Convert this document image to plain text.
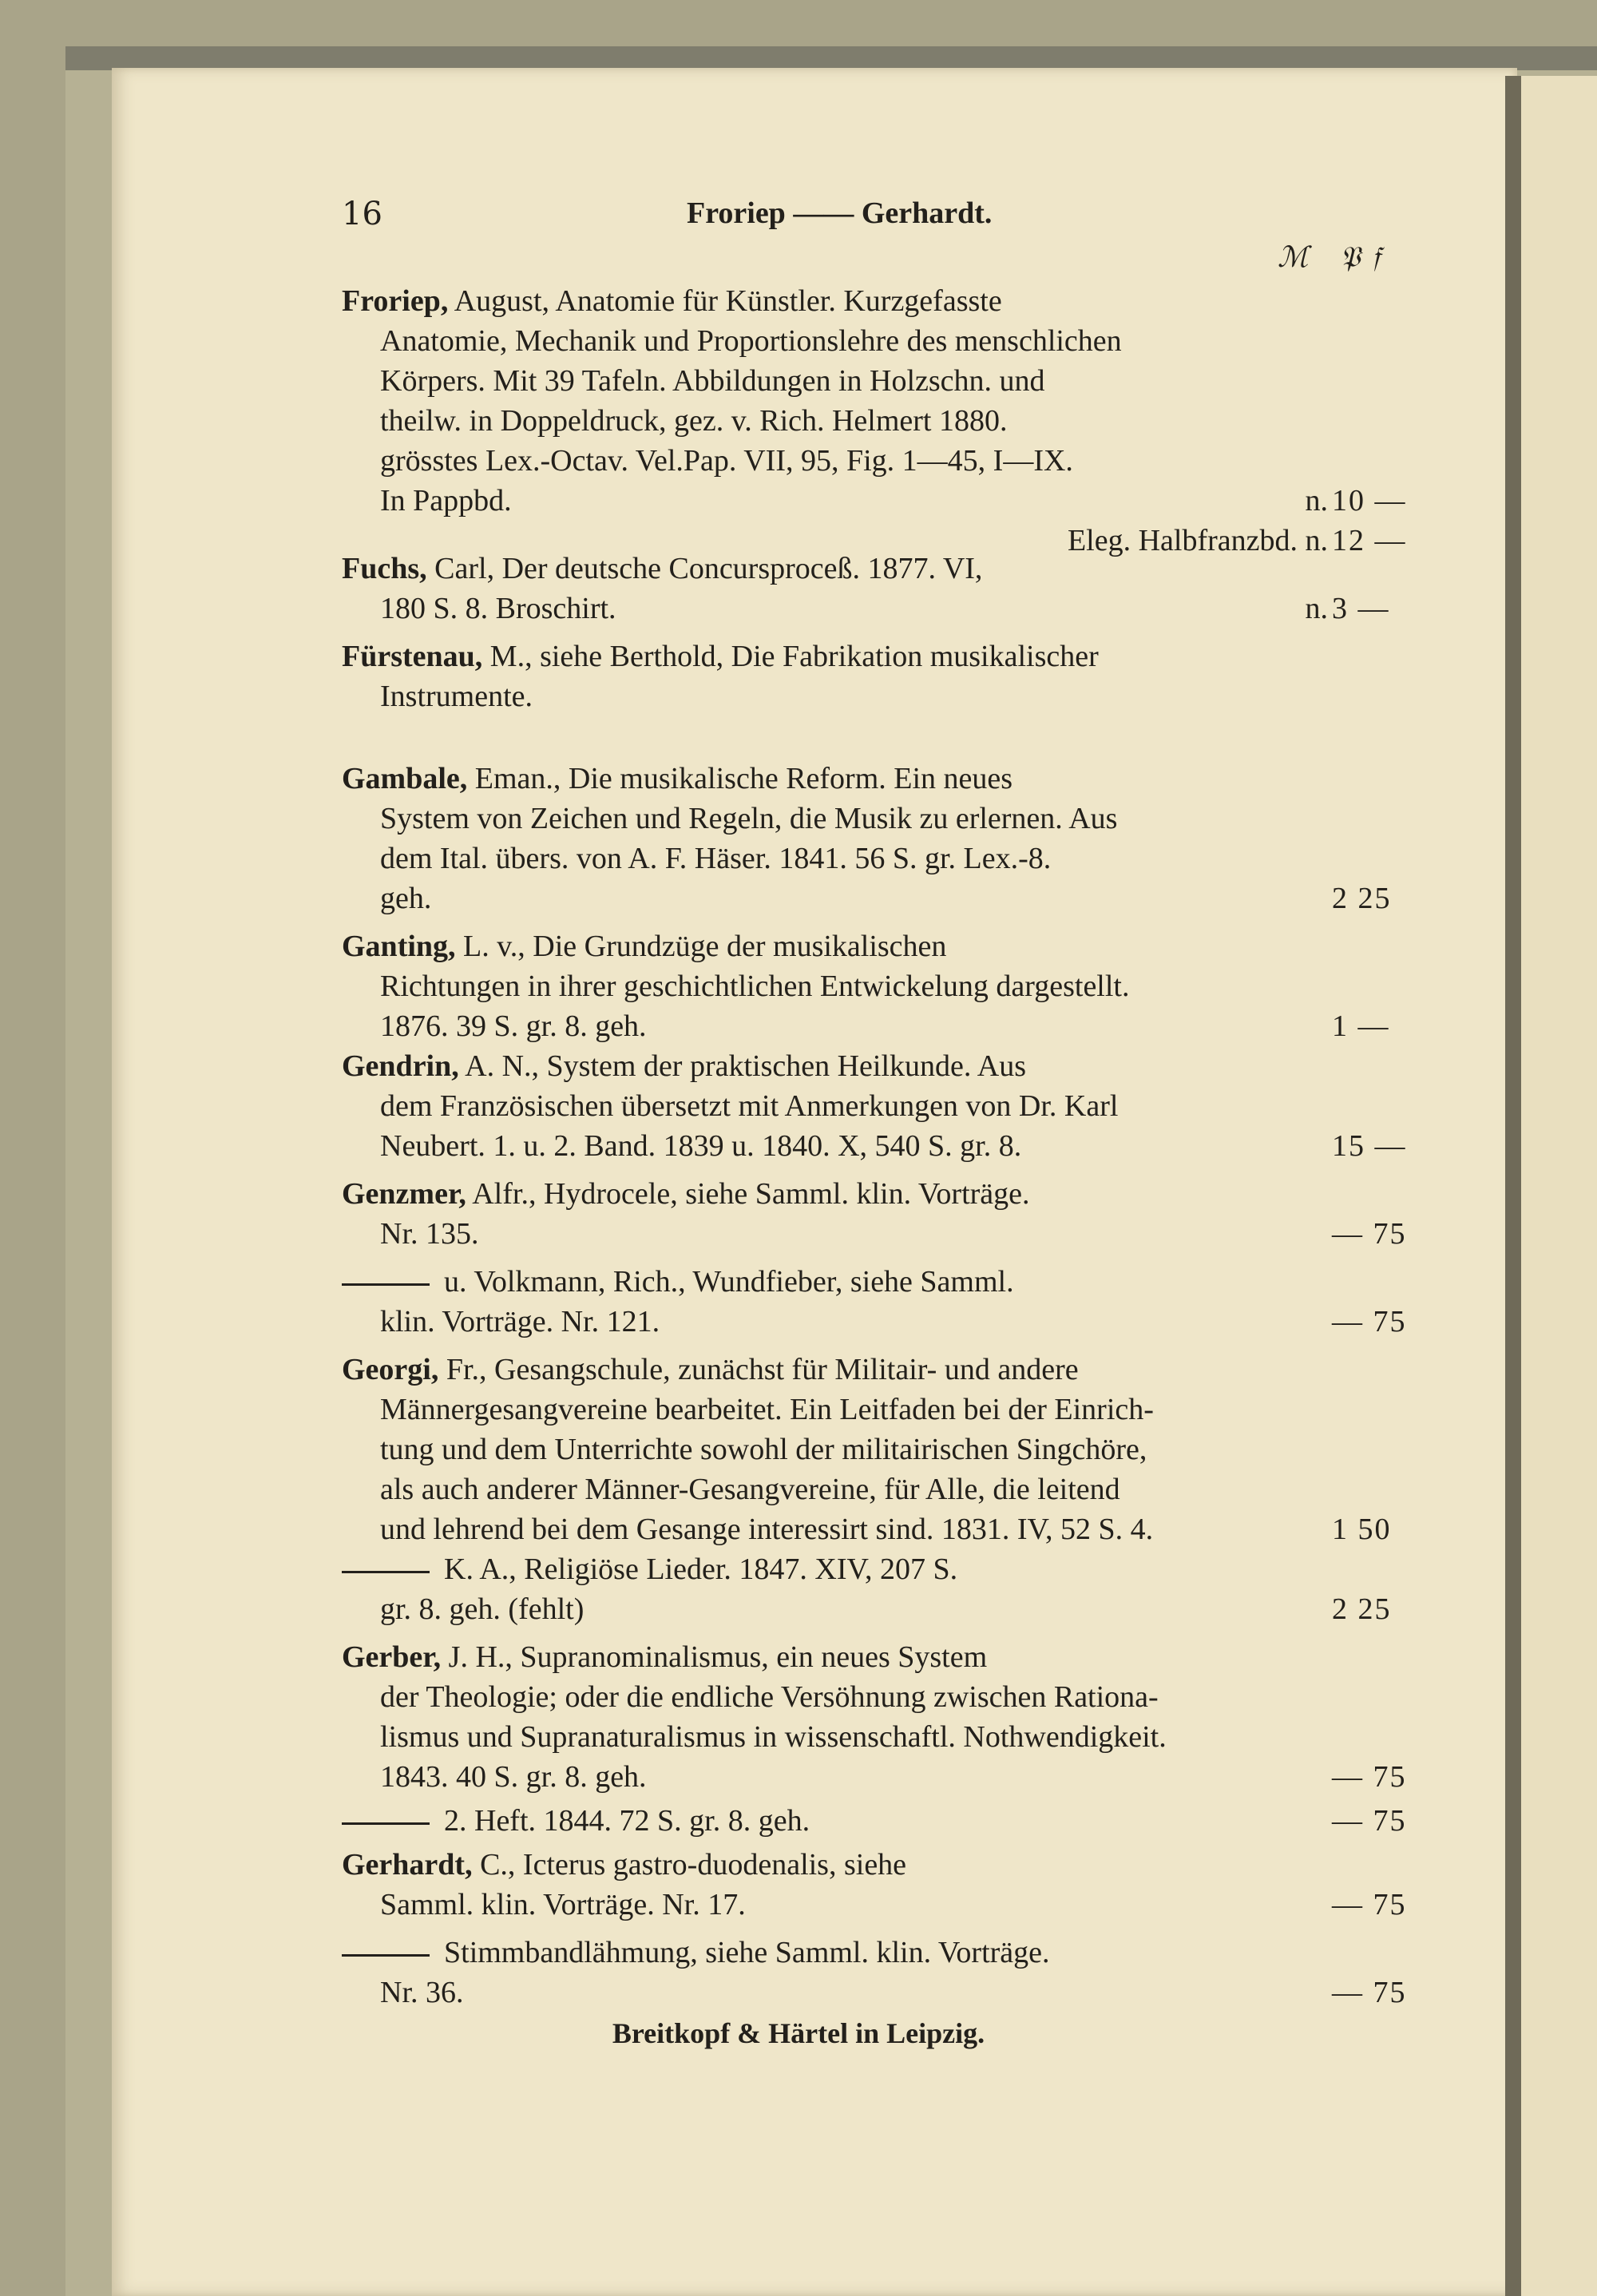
16	Froriep —— Gerhardt.
ℳ 𝔓𝔣
Froriep, August, Anatomie für Künstler. Kurzgefasste
Anatomie, Mechanik und Proportionslehre des menschlichen
Körpers. Mit 39 Tafeln. Abbildungen in Holzschn. und
theilw. in Doppeldruck, gez. v. Rich. Helmert 1880.
grösstes Lex.-Octav. Vel.Pap. VII, 95, Fig. 1—45, I—IX.
In Pappbd.	n. 10 —
Eleg. Halbfranzbd. n. 12 —
Fuchs, Carl, Der deutsche Concursproceß. 1877. VI,
180 S. 8. Broschirt.	n. 3 —
Fürstenau, M., siehe Berthold, Die Fabrikation musikalischer
Instrumente.
Gambale, Eman., Die musikalische Reform. Ein neues
System von Zeichen und Regeln, die Musik zu erlernen. Aus
dem Ital. übers. von A. F. Häser. 1841. 56 S. gr. Lex.-8.
geh.	2 25
Ganting, L. v., Die Grundzüge der musikalischen
Richtungen in ihrer geschichtlichen Entwickelung dargestellt.
1876. 39 S. gr. 8. geh.	1 —
Gendrin, A. N., System der praktischen Heilkunde. Aus
dem Französischen übersetzt mit Anmerkungen von Dr. Karl
Neubert. 1. u. 2. Band. 1839 u. 1840. X, 540 S. gr. 8.	15 —
Genzmer, Alfr., Hydrocele, siehe Samml. klin. Vorträge.
Nr. 135.	— 75
u. Volkmann, Rich., Wundfieber, siehe Samml.
klin. Vorträge. Nr. 121.	— 75
Georgi, Fr., Gesangschule, zunächst für Militair- und andere
Männergesangvereine bearbeitet. Ein Leitfaden bei der Einrich-
tung und dem Unterrichte sowohl der militairischen Singchöre,
als auch anderer Männer-Gesangvereine, für Alle, die leitend
und lehrend bei dem Gesange interessirt sind. 1831. IV, 52 S. 4.	1 50
K. A., Religiöse Lieder. 1847. XIV, 207 S.
gr. 8. geh. (fehlt)	2 25
Gerber, J. H., Supranominalismus, ein neues System
der Theologie; oder die endliche Versöhnung zwischen Rationa-
lismus und Supranaturalismus in wissenschaftl. Nothwendigkeit.
1843. 40 S. gr. 8. geh.	— 75
2. Heft. 1844. 72 S. gr. 8. geh.	— 75
Gerhardt, C., Icterus gastro-duodenalis, siehe
Samml. klin. Vorträge. Nr. 17.	— 75
Stimmbandlähmung, siehe Samml. klin. Vorträge.
Nr. 36.	— 75
Breitkopf & Härtel in Leipzig.
